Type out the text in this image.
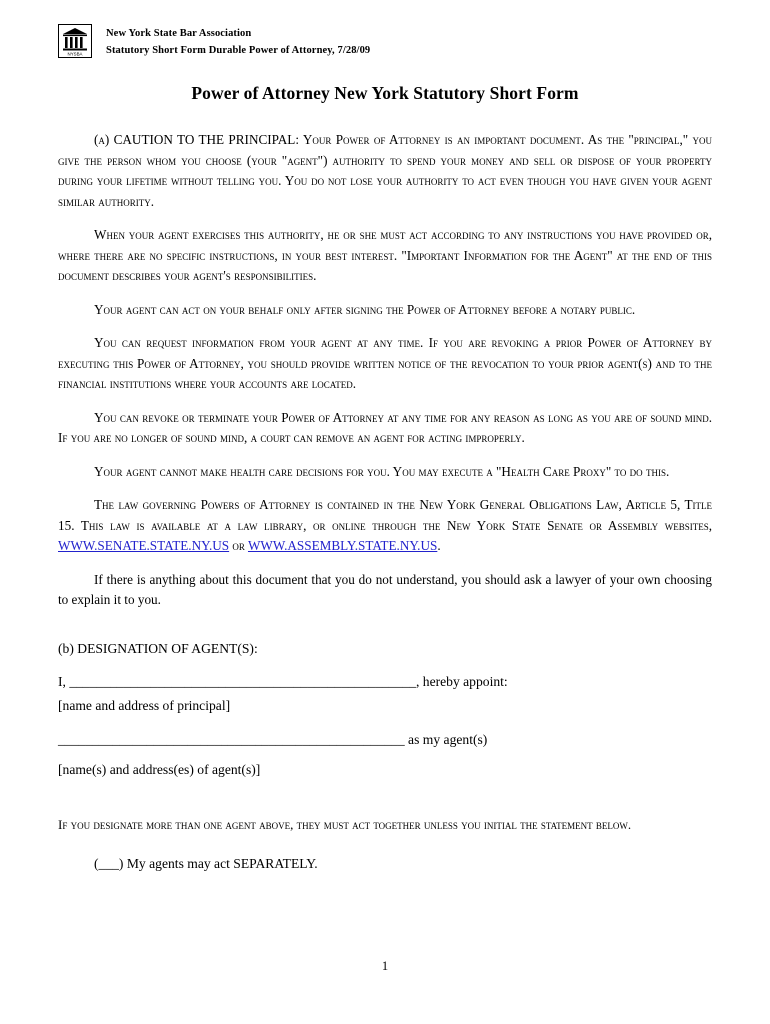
NYSBA
New York State Bar Association
Statutory Short Form Durable Power of Attorney, 7/28/09
Power of Attorney New York Statutory Short Form

(a) CAUTION TO THE PRINCIPAL: Your Power of Attorney is an important document. As the "principal," you give the person whom you choose (your "agent") authority to spend your money and sell or dispose of your property during your lifetime without telling you. You do not lose your authority to act even though you have given your agent similar authority.

When your agent exercises this authority, he or she must act according to any instructions you have provided or, where there are no specific instructions, in your best interest. "Important Information for the Agent" at the end of this document describes your agent's responsibilities.

Your agent can act on your behalf only after signing the Power of Attorney before a notary public.

You can request information from your agent at any time. If you are revoking a prior Power of Attorney by executing this Power of Attorney, you should provide written notice of the revocation to your prior agent(s) and to the financial institutions where your accounts are located.

You can revoke or terminate your Power of Attorney at any time for any reason as long as you are of sound mind. If you are no longer of sound mind, a court can remove an agent for acting improperly.

Your agent cannot make health care decisions for you. You may execute a "Health Care Proxy" to do this.

The law governing Powers of Attorney is contained in the New York General Obligations Law, Article 5, Title 15. This law is available at a law library, or online through the New York State Senate or Assembly websites, WWW.SENATE.STATE.NY.US or WWW.ASSEMBLY.STATE.NY.US.

If there is anything about this document that you do not understand, you should ask a lawyer of your own choosing to explain it to you.

(b) DESIGNATION OF AGENT(S):

I, ___________________________________________________, hereby appoint:

[name and address of principal]

___________________________________________________ as my agent(s)

[name(s) and address(es) of agent(s)]

If you designate more than one agent above, they must act together unless you initial the statement below.

(___) My agents may act SEPARATELY.

1
